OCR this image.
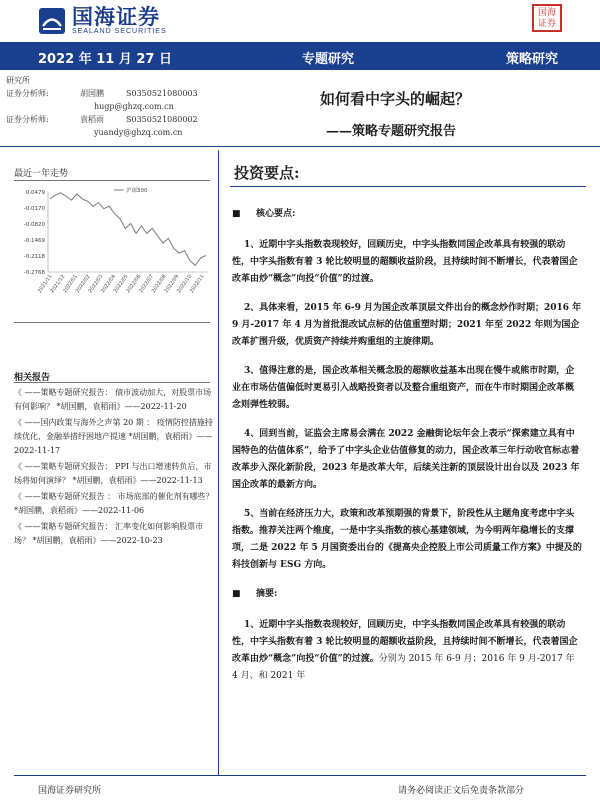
国海证券
SEALAND SECURITIES
国海证券
2022 年 11 月 27 日	专题研究	策略研究
研究所
证券分析师:	胡国鹏	S0350521080003
hugp@ghzq.com.cn
证券分析师:	袁稻雨	S0350521080002
yuandy@ghzq.com.cn
如何看中字头的崛起？
——策略专题研究报告
最近一年走势
0.0479
-0.0170
-0.0820
-0.1469
-0.2118
-0.2768
2021/11
2021/12
2022/01
2022/02
2022/03
2022/04
2022/05
2022/06
2022/07
2022/08
2022/09
2022/10
2022/11
沪深300
相关报告
《 ——策略专题研究报告： 债市波动加大，对股票市场有何影响？ *胡国鹏，袁稻雨》——2022-11-20
《 ——国内政策与海外之声第 20 期 ： 疫情防控措施持续优化，金融举措纾困地产提速 *胡国鹏，袁稻雨》——2022-11-17
《 ——策略专题研究报告： PPI 与出口增速转负后，市场将如何演绎？ *胡国鹏，袁稻雨》——2022-11-13
《 ——策略专题研究报告 ： 市场底部的催化剂有哪些？ *胡国鹏，袁稻雨》——2022-11-06
《 ——策略专题研究报告： 汇率变化如何影响股票市场？ *胡国鹏，袁稻雨》——2022-10-23
投资要点:
■ 核心要点:
1、近期中字头指数表现较好，回顾历史，中字头指数同国企改革具有较强的联动性，中字头指数有着 3 轮比较明显的超额收益阶段，且持续时间不断增长，代表着国企改革由炒“概念”向投“价值”的过渡。
2、具体来看，2015 年 6-9 月为国企改革顶层文件出台的概念炒作时期；2016 年 9 月-2017 年 4 月为首批混改试点标的估值重塑时期；2021 年至 2022 年则为国企改革扩围升级，优质资产持续并购重组的主旋律期。
3、值得注意的是，国企改革相关概念股的超额收益基本出现在慢牛或熊市时期，企业在市场估值偏低时更易引入战略投资者以及整合重组资产，而在牛市时期国企改革概念则弹性较弱。
4、回到当前，证监会主席易会满在 2022 金融街论坛年会上表示“探索建立具有中国特色的估值体系”，给予了中字头企业估值修复的动力，国企改革三年行动收官标志着改革步入深化新阶段，2023 年是改革大年，后续关注新的顶层设计出台以及 2023 年国企改革的最新方向。
5、当前在经济压力大，政策和改革预期强的背景下，阶段性从主题角度考虑中字头指数。推荐关注两个维度，一是中字头指数的核心基建领域，为今明两年稳增长的支撑项，二是 2022 年 5 月国资委出台的《提高央企控股上市公司质量工作方案》中提及的科技创新与 ESG 方向。
■ 摘要:
1、近期中字头指数表现较好，回顾历史，中字头指数同国企改革具有较强的联动性，中字头指数有着 3 轮比较明显的超额收益阶段，且持续时间不断增长，代表着国企改革由炒“概念”向投“价值”的过渡。分别为 2015 年 6-9 月；2016 年 9 月-2017 年 4 月、和 2021 年
国海证券研究所	请务必阅读正文后免责条款部分
